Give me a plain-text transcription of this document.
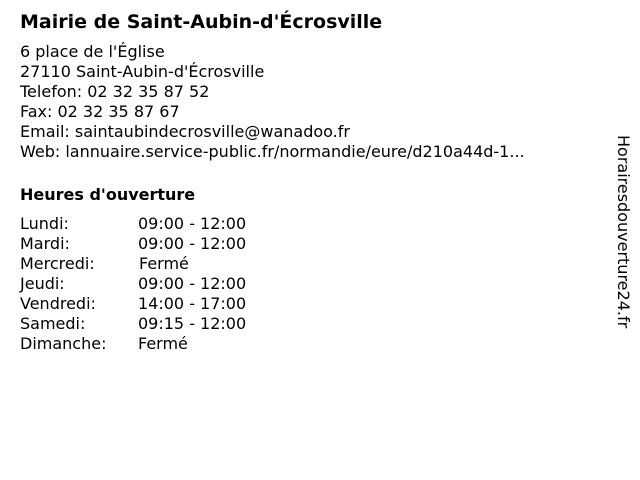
Mairie de Saint-Aubin-d'Écrosville
6 place de l'Église
27110 Saint-Aubin-d'Écrosville
Telefon: 02 32 35 87 52
Fax: 02 32 35 87 67
Email: saintaubindecrosville@wanadoo.fr
Web: lannuaire.service-public.fr/normandie/eure/d210a44d-1...
Heures d'ouverture
Lundi:	09:00 - 12:00
Mardi:	09:00 - 12:00
Mercredi:	Fermé
Jeudi:	09:00 - 12:00
Vendredi:	14:00 - 17:00
Samedi:	09:15 - 12:00
Dimanche:	Fermé
Horairesdouverture24.fr
